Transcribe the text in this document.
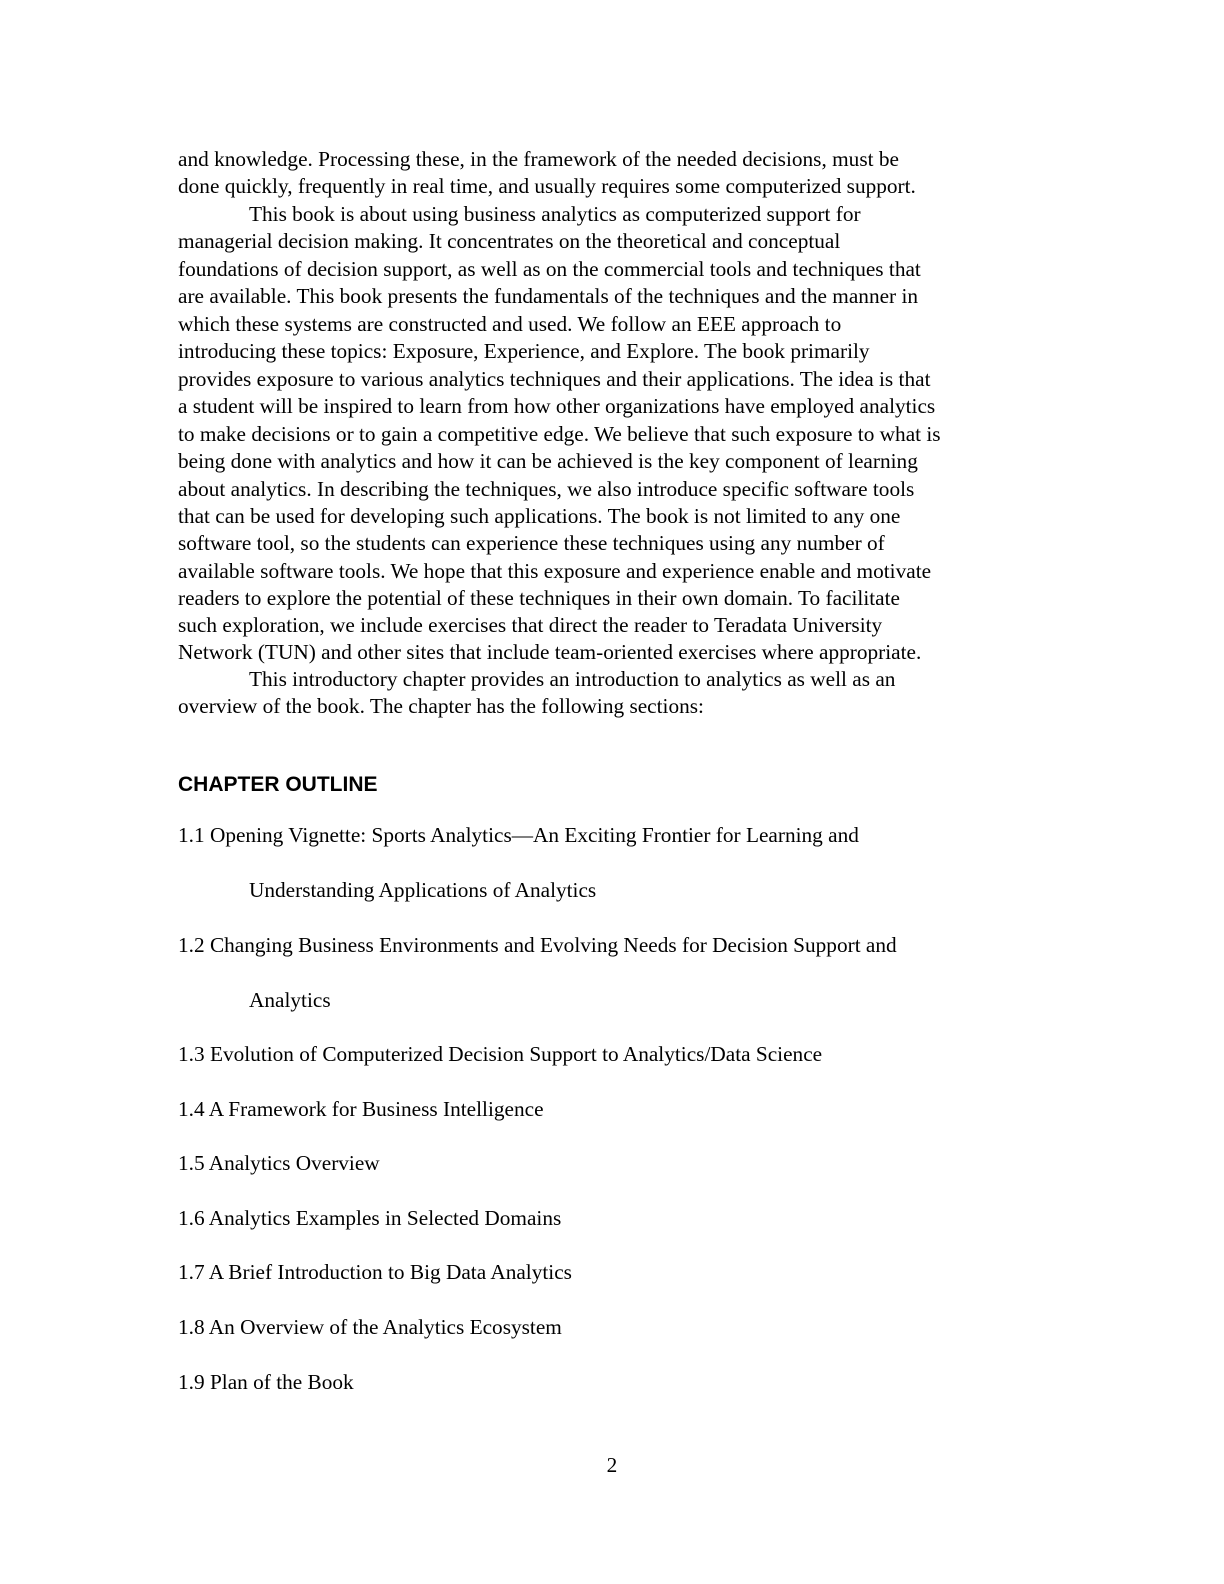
and knowledge. Processing these, in the framework of the needed decisions, must be
done quickly, frequently in real time, and usually requires some computerized support.
This book is about using business analytics as computerized support for
managerial decision making. It concentrates on the theoretical and conceptual
foundations of decision support, as well as on the commercial tools and techniques that
are available. This book presents the fundamentals of the techniques and the manner in
which these systems are constructed and used. We follow an EEE approach to
introducing these topics: Exposure, Experience, and Explore. The book primarily
provides exposure to various analytics techniques and their applications. The idea is that
a student will be inspired to learn from how other organizations have employed analytics
to make decisions or to gain a competitive edge. We believe that such exposure to what is
being done with analytics and how it can be achieved is the key component of learning
about analytics. In describing the techniques, we also introduce specific software tools
that can be used for developing such applications. The book is not limited to any one
software tool, so the students can experience these techniques using any number of
available software tools. We hope that this exposure and experience enable and motivate
readers to explore the potential of these techniques in their own domain. To facilitate
such exploration, we include exercises that direct the reader to Teradata University
Network (TUN) and other sites that include team-oriented exercises where appropriate.
This introductory chapter provides an introduction to analytics as well as an
overview of the book. The chapter has the following sections:
CHAPTER OUTLINE
1.1 Opening Vignette: Sports Analytics—An Exciting Frontier for Learning and
Understanding Applications of Analytics
1.2 Changing Business Environments and Evolving Needs for Decision Support and
Analytics
1.3 Evolution of Computerized Decision Support to Analytics/Data Science
1.4 A Framework for Business Intelligence
1.5 Analytics Overview
1.6 Analytics Examples in Selected Domains
1.7 A Brief Introduction to Big Data Analytics
1.8 An Overview of the Analytics Ecosystem
1.9 Plan of the Book
2
